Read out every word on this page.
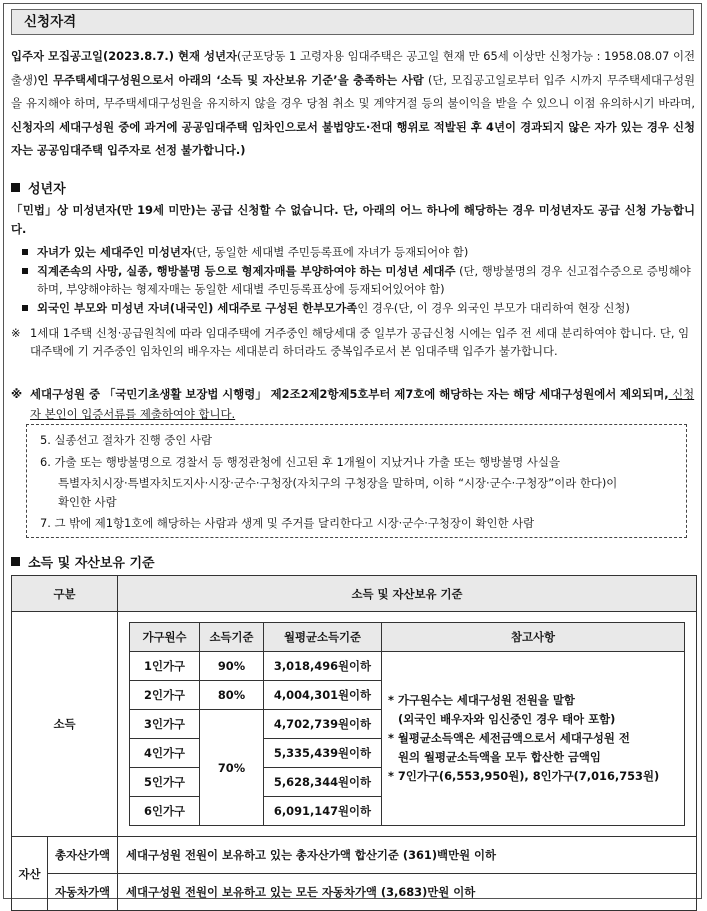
신청자격
입주자 모집공고일(2023.8.7.) 현재 성년자(군포당동 1 고령자용 임대주택은 공고일 현재 만 65세 이상만 신청가능 : 1958.08.07 이전 출생)인 무주택세대구성원으로서 아래의 ‘소득 및 자산보유 기준’을 충족하는 사람 (단, 모집공고일로부터 입주 시까지 무주택세대구성원을 유지해야 하며, 무주택세대구성원을 유지하지 않을 경우 당첨 취소 및 계약거절 등의 불이익을 받을 수 있으니 이점 유의하시기 바라며, 신청자의 세대구성원 중에 과거에 공공임대주택 임차인으로서 불법양도·전대 행위로 적발된 후 4년이 경과되지 않은 자가 있는 경우 신청자는 공공임대주택 입주자로 선정 불가합니다.)
성년자
「민법」상 미성년자(만 19세 미만)는 공급 신청할 수 없습니다. 단, 아래의 어느 하나에 해당하는 경우 미성년자도 공급 신청 가능합니다.
자녀가 있는 세대주인 미성년자(단, 동일한 세대별 주민등록표에 자녀가 등재되어야 함)
직계존속의 사망, 실종, 행방불명 등으로 형제자매를 부양하여야 하는 미성년 세대주 (단, 행방불명의 경우 신고접수증으로 증빙해야하며, 부양해야하는 형제자매는 동일한 세대별 주민등록표상에 등재되어있어야 함)
외국인 부모와 미성년 자녀(내국인) 세대주로 구성된 한부모가족인 경우(단, 이 경우 외국인 부모가 대리하여 현장 신청)
※ 1세대 1주택 신청·공급원칙에 따라 임대주택에 거주중인 해당세대 중 일부가 공급신청 시에는 입주 전 세대 분리하여야 합니다. 단, 임대주택에 기 거주중인 임차인의 배우자는 세대분리 하더라도 중복입주로서 본 임대주택 입주가 불가합니다.
※ 세대구성원 중 「국민기초생활 보장법 시행령」 제2조2제2항제5호부터 제7호에 해당하는 자는 해당 세대구성원에서 제외되며, 신청자 본인이 입증서류를 제출하여야 합니다.
5. 실종선고 절차가 진행 중인 사람
6. 가출 또는 행방불명으로 경찰서 등 행정관청에 신고된 후 1개월이 지났거나 가출 또는 행방불명 사실을
특별자치시장·특별자치도지사·시장·군수·구청장(자치구의 구청장을 말하며, 이하 “시장·군수·구청장”이라 한다)이
확인한 사람
7. 그 밖에 제1항1호에 해당하는 사람과 생계 및 주거를 달리한다고 시장·군수·구청장이 확인한 사람
소득 및 자산보유 기준
구분	소득 및 자산보유 기준
소득	
가구원수	소득기준	월평균소득기준	참고사항
1인가구	90%	3,018,496원이하	
* 가구원수는 세대구성원 전원을 말함
(외국인 배우자와 임신중인 경우 태아 포함)
* 월평균소득액은 세전금액으로서 세대구성원 전
원의 월평균소득액을 모두 합산한 금액임
* 7인가구(6,553,950원), 8인가구(7,016,753원)

2인가구	80%	4,004,301원이하
3인가구	70%	4,702,739원이하
4인가구	5,335,439원이하
5인가구	5,628,344원이하
6인가구	6,091,147원이하

자산	총자산가액	세대구성원 전원이 보유하고 있는 총자산가액 합산기준 (361)백만원 이하
자동차가액	세대구성원 전원이 보유하고 있는 모든 자동차가액 (3,683)만원 이하
